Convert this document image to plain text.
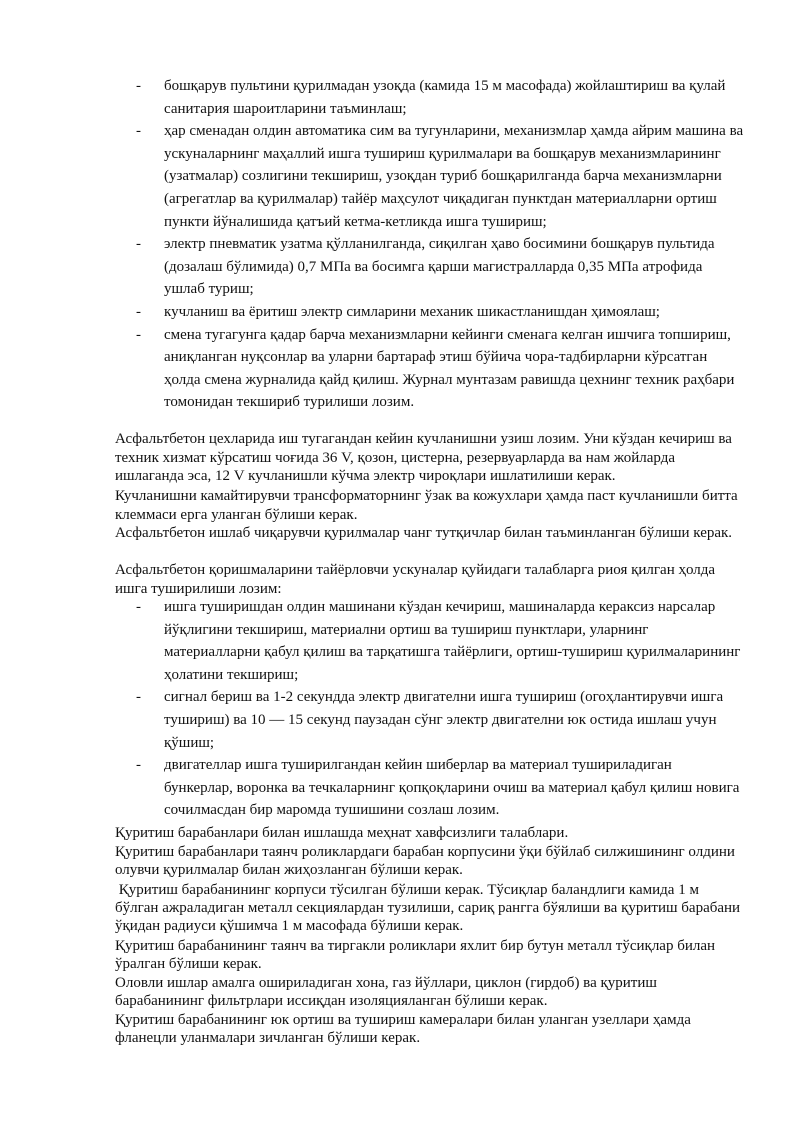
- бошқарув пультини қурилмадан узоқда (камида 15 м масофада) жойлаштириш ва қулай санитария шароитларини таъминлаш;
- ҳар сменадан олдин автоматика сим ва тугунларини, механизмлар ҳамда айрим машина ва ускуналарнинг маҳаллий ишга тушириш қурилмалари ва бошқарув механизмларининг (узатмалар) созлигини текшириш, узоқдан туриб бошқарилганда барча механизмларни (агрегатлар ва қурилмалар) тайёр маҳсулот чиқадиган пунктдан материалларни ортиш пункти йўналишида қатъий кетма-кетликда ишга тушириш;
- электр пневматик узатма қўлланилганда, сиқилган ҳаво босимини бошқарув пультида (дозалаш бўлимида) 0,7 МПа ва босимга қарши магистралларда 0,35 МПа атрофида ушлаб туриш;
- кучланиш ва ёритиш электр симларини механик шикастланишдан ҳимоялаш;
- смена тугагунга қадар барча механизмларни кейинги сменага келган ишчига топшириш, аниқланган нуқсонлар ва уларни бартараф этиш бўйича чора-тадбирларни кўрсатган ҳолда смена журналида қайд қилиш. Журнал мунтазам равишда цехнинг техник раҳбари томонидан текшириб турилиши лозим.

Асфальтбетон цехларида иш тугагандан кейин кучланишни узиш лозим. Уни кўздан кечириш ва техник хизмат кўрсатиш чоғида 36 V, қозон, цистерна, резервуарларда ва нам жойларда ишлаганда эса, 12 V кучланишли кўчма электр чироқлари ишлатилиши керак.

Кучланишни камайтирувчи трансформаторнинг ўзак ва кожухлари ҳамда паст кучланишли битта клеммаси ерга уланган бўлиши керак.

Асфальтбетон ишлаб чиқарувчи қурилмалар чанг тутқичлар билан таъминланган бўлиши керак.

Асфальтбетон қоришмаларини тайёрловчи ускуналар қуйидаги талабларга риоя қилган ҳолда ишга туширилиши лозим:

- ишга туширишдан олдин машинани кўздан кечириш, машиналарда кераксиз нарсалар йўқлигини текшириш, материални ортиш ва тушириш пунктлари, уларнинг материалларни қабул қилиш ва тарқатишга тайёрлиги, ортиш-тушириш қурилмаларининг ҳолатини текшириш;
- сигнал бериш ва 1-2 секундда электр двигателни ишга тушириш (огоҳлантирувчи ишга тушириш) ва 10 — 15 секунд паузадан сўнг электр двигателни юк остида ишлаш учун қўшиш;
- двигателлар ишга туширилгандан кейин шиберлар ва материал тушириладиган бункерлар, воронка ва течкаларнинг қопқоқларини очиш ва материал қабул қилиш новига сочилмасдан бир маромда тушишини созлаш лозим.

Қуритиш барабанлари билан ишлашда меҳнат хавфсизлиги талаблари.

Қуритиш барабанлари таянч роликлардаги барабан корпусини ўқи бўйлаб силжишининг олдини олувчи қурилмалар билан жиҳозланган бўлиши керак.

Қуритиш барабанининг корпуси тўсилган бўлиши керак. Тўсиқлар баландлиги камида 1 м бўлган ажраладиган металл секциялардан тузилиши, сариқ рангга бўялиши ва қуритиш барабани ўқидан радиуси қўшимча 1 м масофада бўлиши керак.

Қуритиш барабанининг таянч ва тиргакли роликлари яхлит бир бутун металл тўсиқлар билан ўралган бўлиши керак.

Оловли ишлар амалга ошириладиган хона, газ йўллари, циклон (гирдоб) ва қуритиш барабанининг фильтрлари иссиқдан изоляцияланган бўлиши керак.

Қуритиш барабанининг юк ортиш ва тушириш камералари билан уланган узеллари ҳамда фланецли уланмалари зичланган бўлиши керак.
